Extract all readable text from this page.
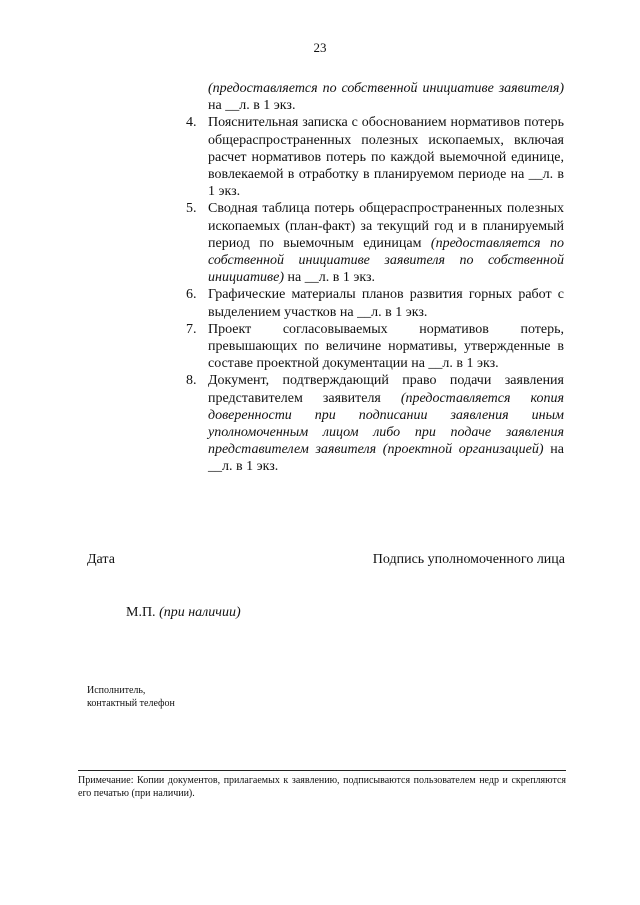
23
(предоставляется по собственной инициативе заявителя) на __л. в 1 экз.
4. Пояснительная записка с обоснованием нормативов потерь общераспространенных полезных ископаемых, включая расчет нормативов потерь по каждой выемочной единице, вовлекаемой в отработку в планируемом периоде на __л. в 1 экз.
5. Сводная таблица потерь общераспространенных полезных ископаемых (план-факт) за текущий год и в планируемый период по выемочным единицам (предоставляется по собственной инициативе заявителя по собственной инициативе) на __л. в 1 экз.
6. Графические материалы планов развития горных работ с выделением участков на __л. в 1 экз.
7. Проект согласовываемых нормативов потерь, превышающих по величине нормативы, утвержденные в составе проектной документации на __л. в 1 экз.
8. Документ, подтверждающий право подачи заявления представителем заявителя (предоставляется копия доверенности при подписании заявления иным уполномоченным лицом либо при подаче заявления представителем заявителя (проектной организацией) на __л. в 1 экз.
Дата	Подпись уполномоченного лица
М.П. (при наличии)
Исполнитель,
контактный телефон
Примечание: Копии документов, прилагаемых к заявлению, подписываются пользователем недр и скрепляются его печатью (при наличии).
